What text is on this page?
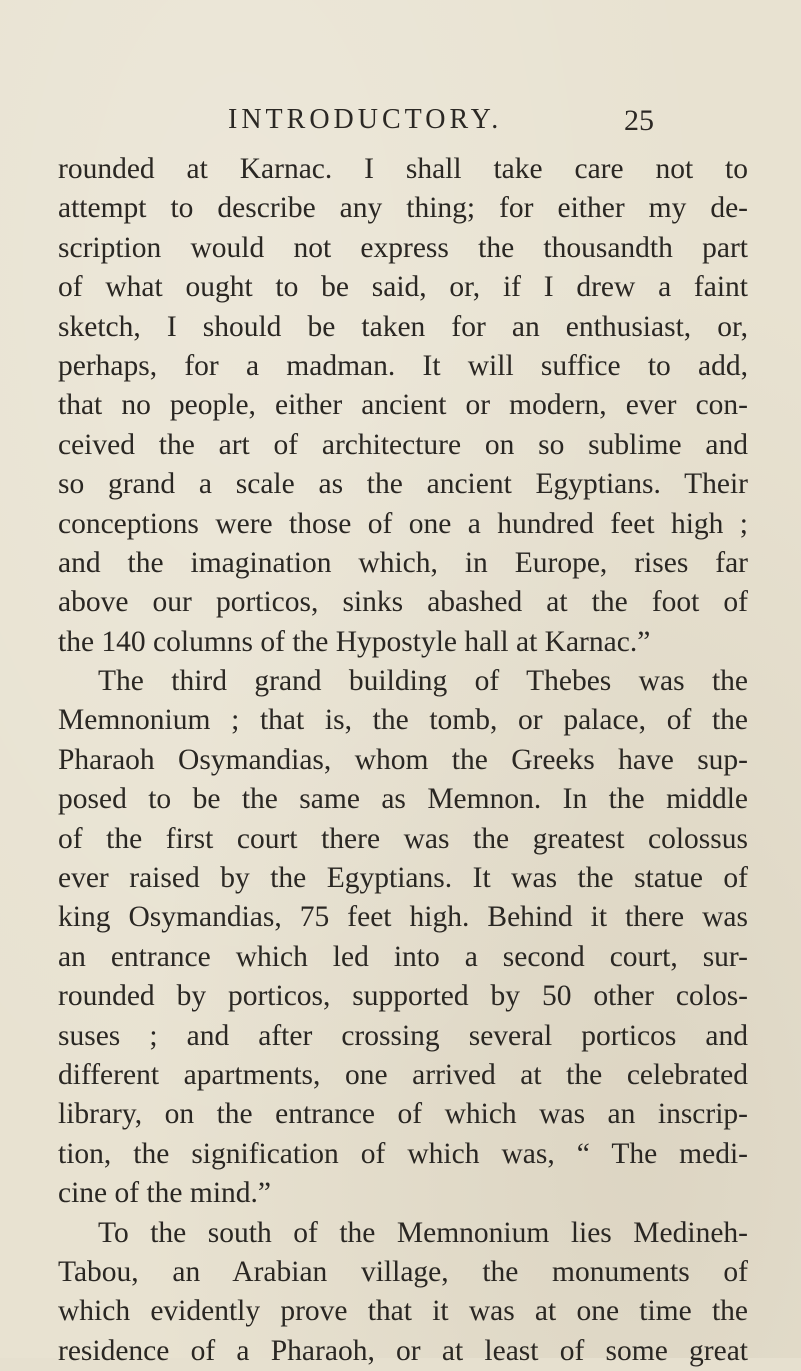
INTRODUCTORY.	25
rounded at Karnac. I shall take care not to
attempt to describe any thing; for either my de-
scription would not express the thousandth part
of what ought to be said, or, if I drew a faint
sketch, I should be taken for an enthusiast, or,
perhaps, for a madman. It will suffice to add,
that no people, either ancient or modern, ever con-
ceived the art of architecture on so sublime and
so grand a scale as the ancient Egyptians. Their
conceptions were those of one a hundred feet high ;
and the imagination which, in Europe, rises far
above our porticos, sinks abashed at the foot of
the 140 columns of the Hypostyle hall at Karnac.”
The third grand building of Thebes was the
Memnonium ; that is, the tomb, or palace, of the
Pharaoh Osymandias, whom the Greeks have sup-
posed to be the same as Memnon. In the middle
of the first court there was the greatest colossus
ever raised by the Egyptians. It was the statue of
king Osymandias, 75 feet high. Behind it there was
an entrance which led into a second court, sur-
rounded by porticos, supported by 50 other colos-
suses ; and after crossing several porticos and
different apartments, one arrived at the celebrated
library, on the entrance of which was an inscrip-
tion, the signification of which was, “ The medi-
cine of the mind.”
To the south of the Memnonium lies Medineh-
Tabou, an Arabian village, the monuments of
which evidently prove that it was at one time the
residence of a Pharaoh, or at least of some great
